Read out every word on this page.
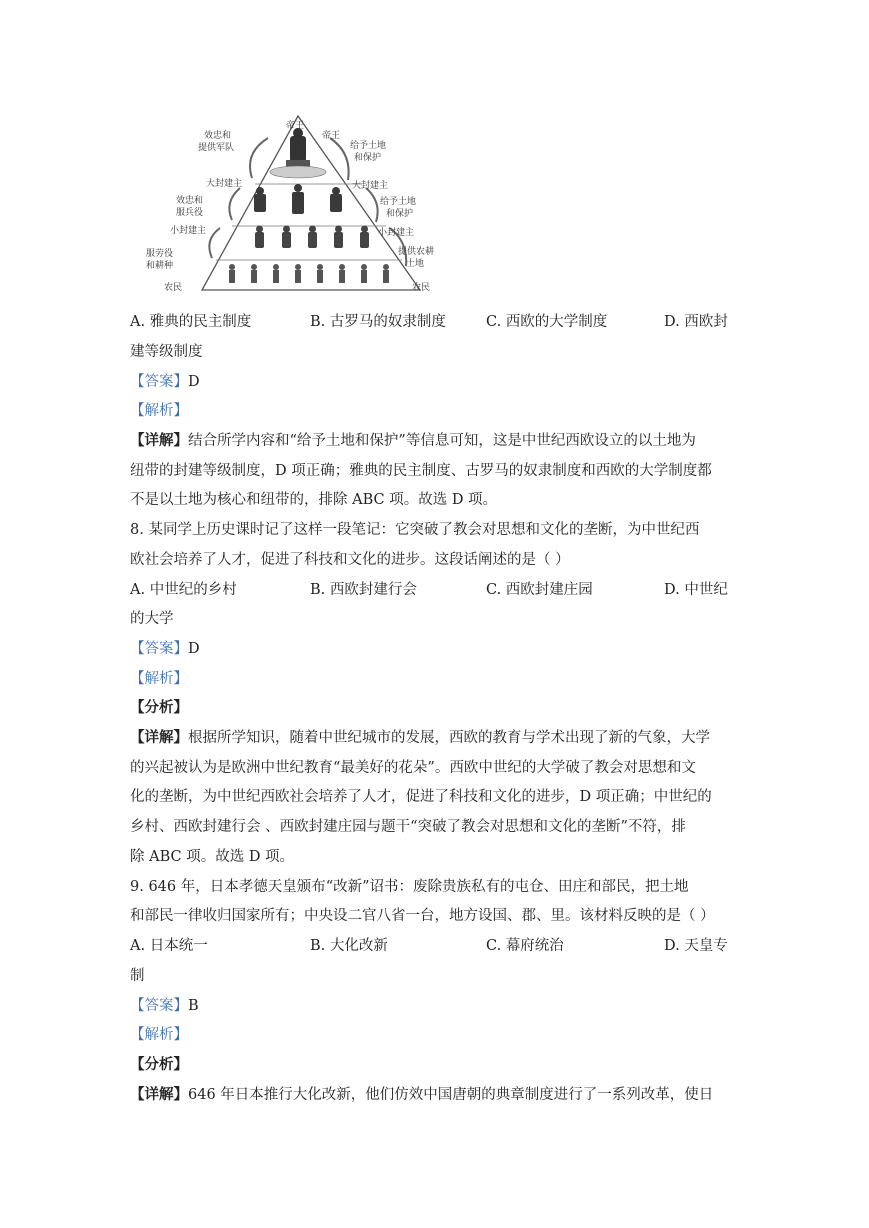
帝王
效忠和
提供军队
大封建主
效忠和
服兵役
小封建主
服劳役
和耕种
农民
帝王
给予土地
和保护
大封建主
给予土地
和保护
小封建主
提供农耕
土地
农民
A. 雅典的民主制度	B. 古罗马的奴隶制度	C. 西欧的大学制度	D. 西欧封
建等级制度
【答案】D
【解析】
【详解】结合所学内容和“给予土地和保护”等信息可知，这是中世纪西欧设立的以土地为
纽带的封建等级制度，D 项正确；雅典的民主制度、古罗马的奴隶制度和西欧的大学制度都
不是以土地为核心和纽带的，排除 ABC 项。故选 D 项。
8. 某同学上历史课时记了这样一段笔记：它突破了教会对思想和文化的垄断，为中世纪西
欧社会培养了人才，促进了科技和文化的进步。这段话阐述的是（ ）
A. 中世纪的乡村	B. 西欧封建行会	C. 西欧封建庄园	D. 中世纪
的大学
【答案】D
【解析】
【分析】
【详解】根据所学知识，随着中世纪城市的发展，西欧的教育与学术出现了新的气象，大学
的兴起被认为是欧洲中世纪教育“最美好的花朵”。西欧中世纪的大学破了教会对思想和文
化的垄断，为中世纪西欧社会培养了人才，促进了科技和文化的进步，D 项正确；中世纪的
乡村、西欧封建行会 、西欧封建庄园与题干“突破了教会对思想和文化的垄断”不符，排
除 ABC 项。故选 D 项。
9. 646 年，日本孝德天皇颁布“改新”诏书：废除贵族私有的屯仓、田庄和部民，把土地
和部民一律收归国家所有；中央设二官八省一台，地方设国、郡、里。该材料反映的是（ ）
A. 日本统一	B. 大化改新	C. 幕府统治	D. 天皇专
制
【答案】B
【解析】
【分析】
【详解】646 年日本推行大化改新，他们仿效中国唐朝的典章制度进行了一系列改革，使日
